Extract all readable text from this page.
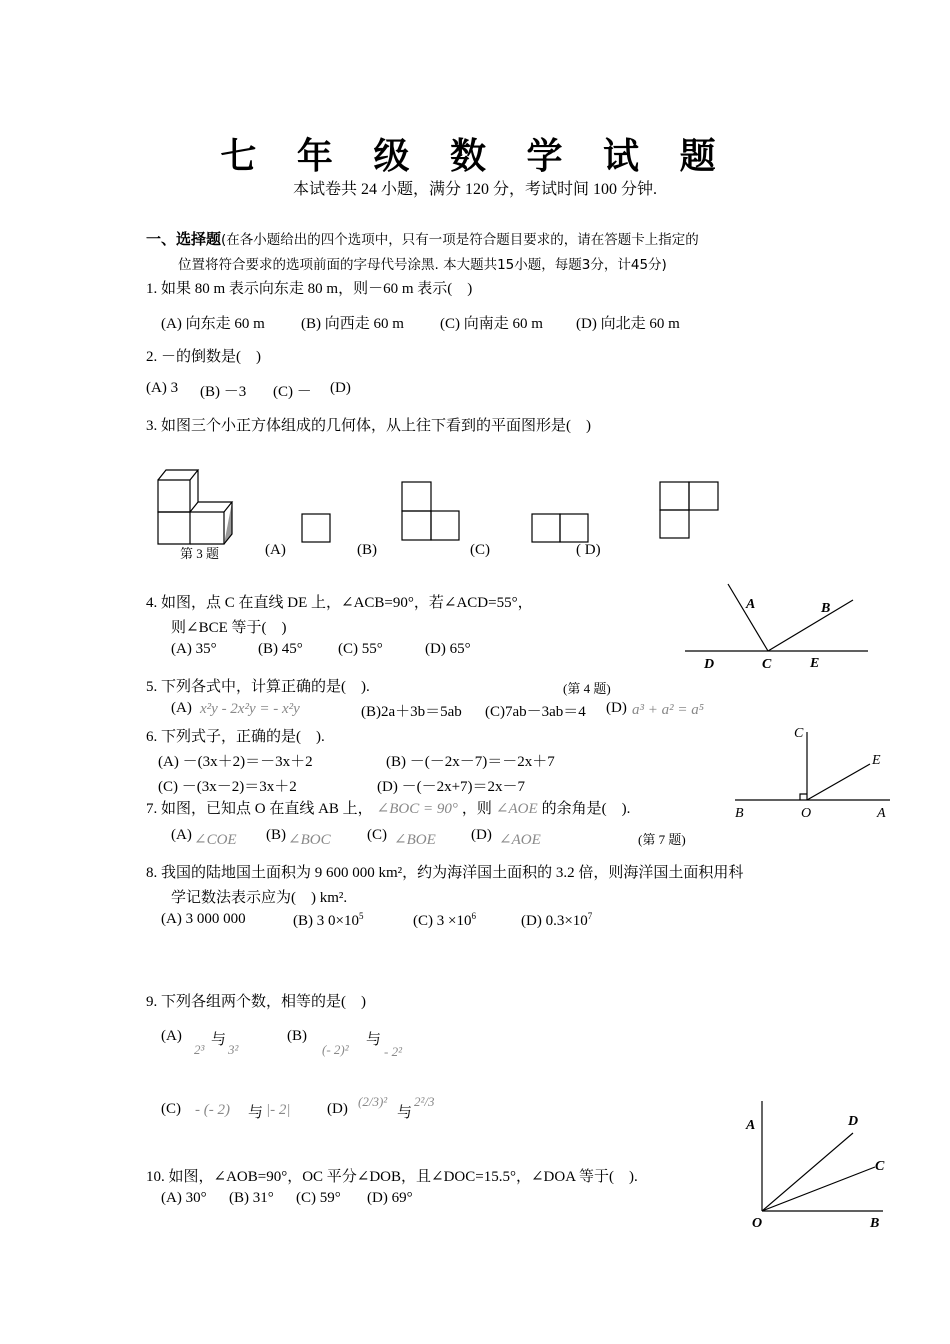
七 年 级 数 学 试 题
本试卷共 24 小题，满分 120 分，考试时间 100 分钟.
一、选择题(在各小题给出的四个选项中，只有一项是符合题目要求的，请在答题卡上指定的
位置将符合要求的选项前面的字母代号涂黑. 本大题共15小题，每题3分，计45分)
1. 如果 80 m 表示向东走 80 m，则－60 m 表示(　)
(A) 向东走 60 m (B) 向西走 60 m (C) 向南走 60 m (D) 向北走 60 m
2. －的倒数是(　)
(A) 3 (B) －3 (C) － (D)
3. 如图三个小正方体组成的几何体，从上往下看到的平面图形是(　)
第 3 题	(A)	(B)	(C)	( D)
4. 如图，点 C 在直线 DE 上，∠ACB=90°，若∠ACD=55°，
则∠BCE 等于(　)
(A) 35°	(B) 45° (C) 55°	(D) 65°
A	B
D	C	E
(第 4 题)
5. 下列各式中，计算正确的是(　).
(A) x²y - 2x²y = - x²y	(B)2a＋3b＝5ab (C)7ab－3ab＝4 (D) a³ + a² = a⁵
6. 下列式子，正确的是(　).
(A) －(3x＋2)＝－3x＋2	(B) －(－2x－7)＝－2x＋7
(C) －(3x－2)＝3x＋2	(D) －(－2x+7)＝2x－7
C
E
B	O	A
7. 如图，已知点 O 在直线 AB 上， ∠BOC = 90° ，则 ∠AOE 的余角是(　).
(A) ∠COE (B) ∠BOC (C) ∠BOE (D) ∠AOE	(第 7 题)
8. 我国的陆地国土面积为 9 600 000 km²，约为海洋国土面积的 3.2 倍，则海洋国土面积用科
学记数法表示应为(　) km².
(A) 3 000 000	(B) 3 $0\times 10^5$	(C) $3 \times 10^6$	(D) $0.3\times 10^7$
9. 下列各组两个数，相等的是(　)
(A)
2³
与
3²
(B)
(- 2)²
与
- 2²
(C) - (- 2) 与 |- 2| (D) (2/3)²
与
2²/3
A	D
C
O	B
10. 如图，∠AOB=90°，OC 平分∠DOB，且∠DOC=15.5°，∠DOA 等于(　).
(A) 30° (B) 31° (C) 59° (D) 69°
